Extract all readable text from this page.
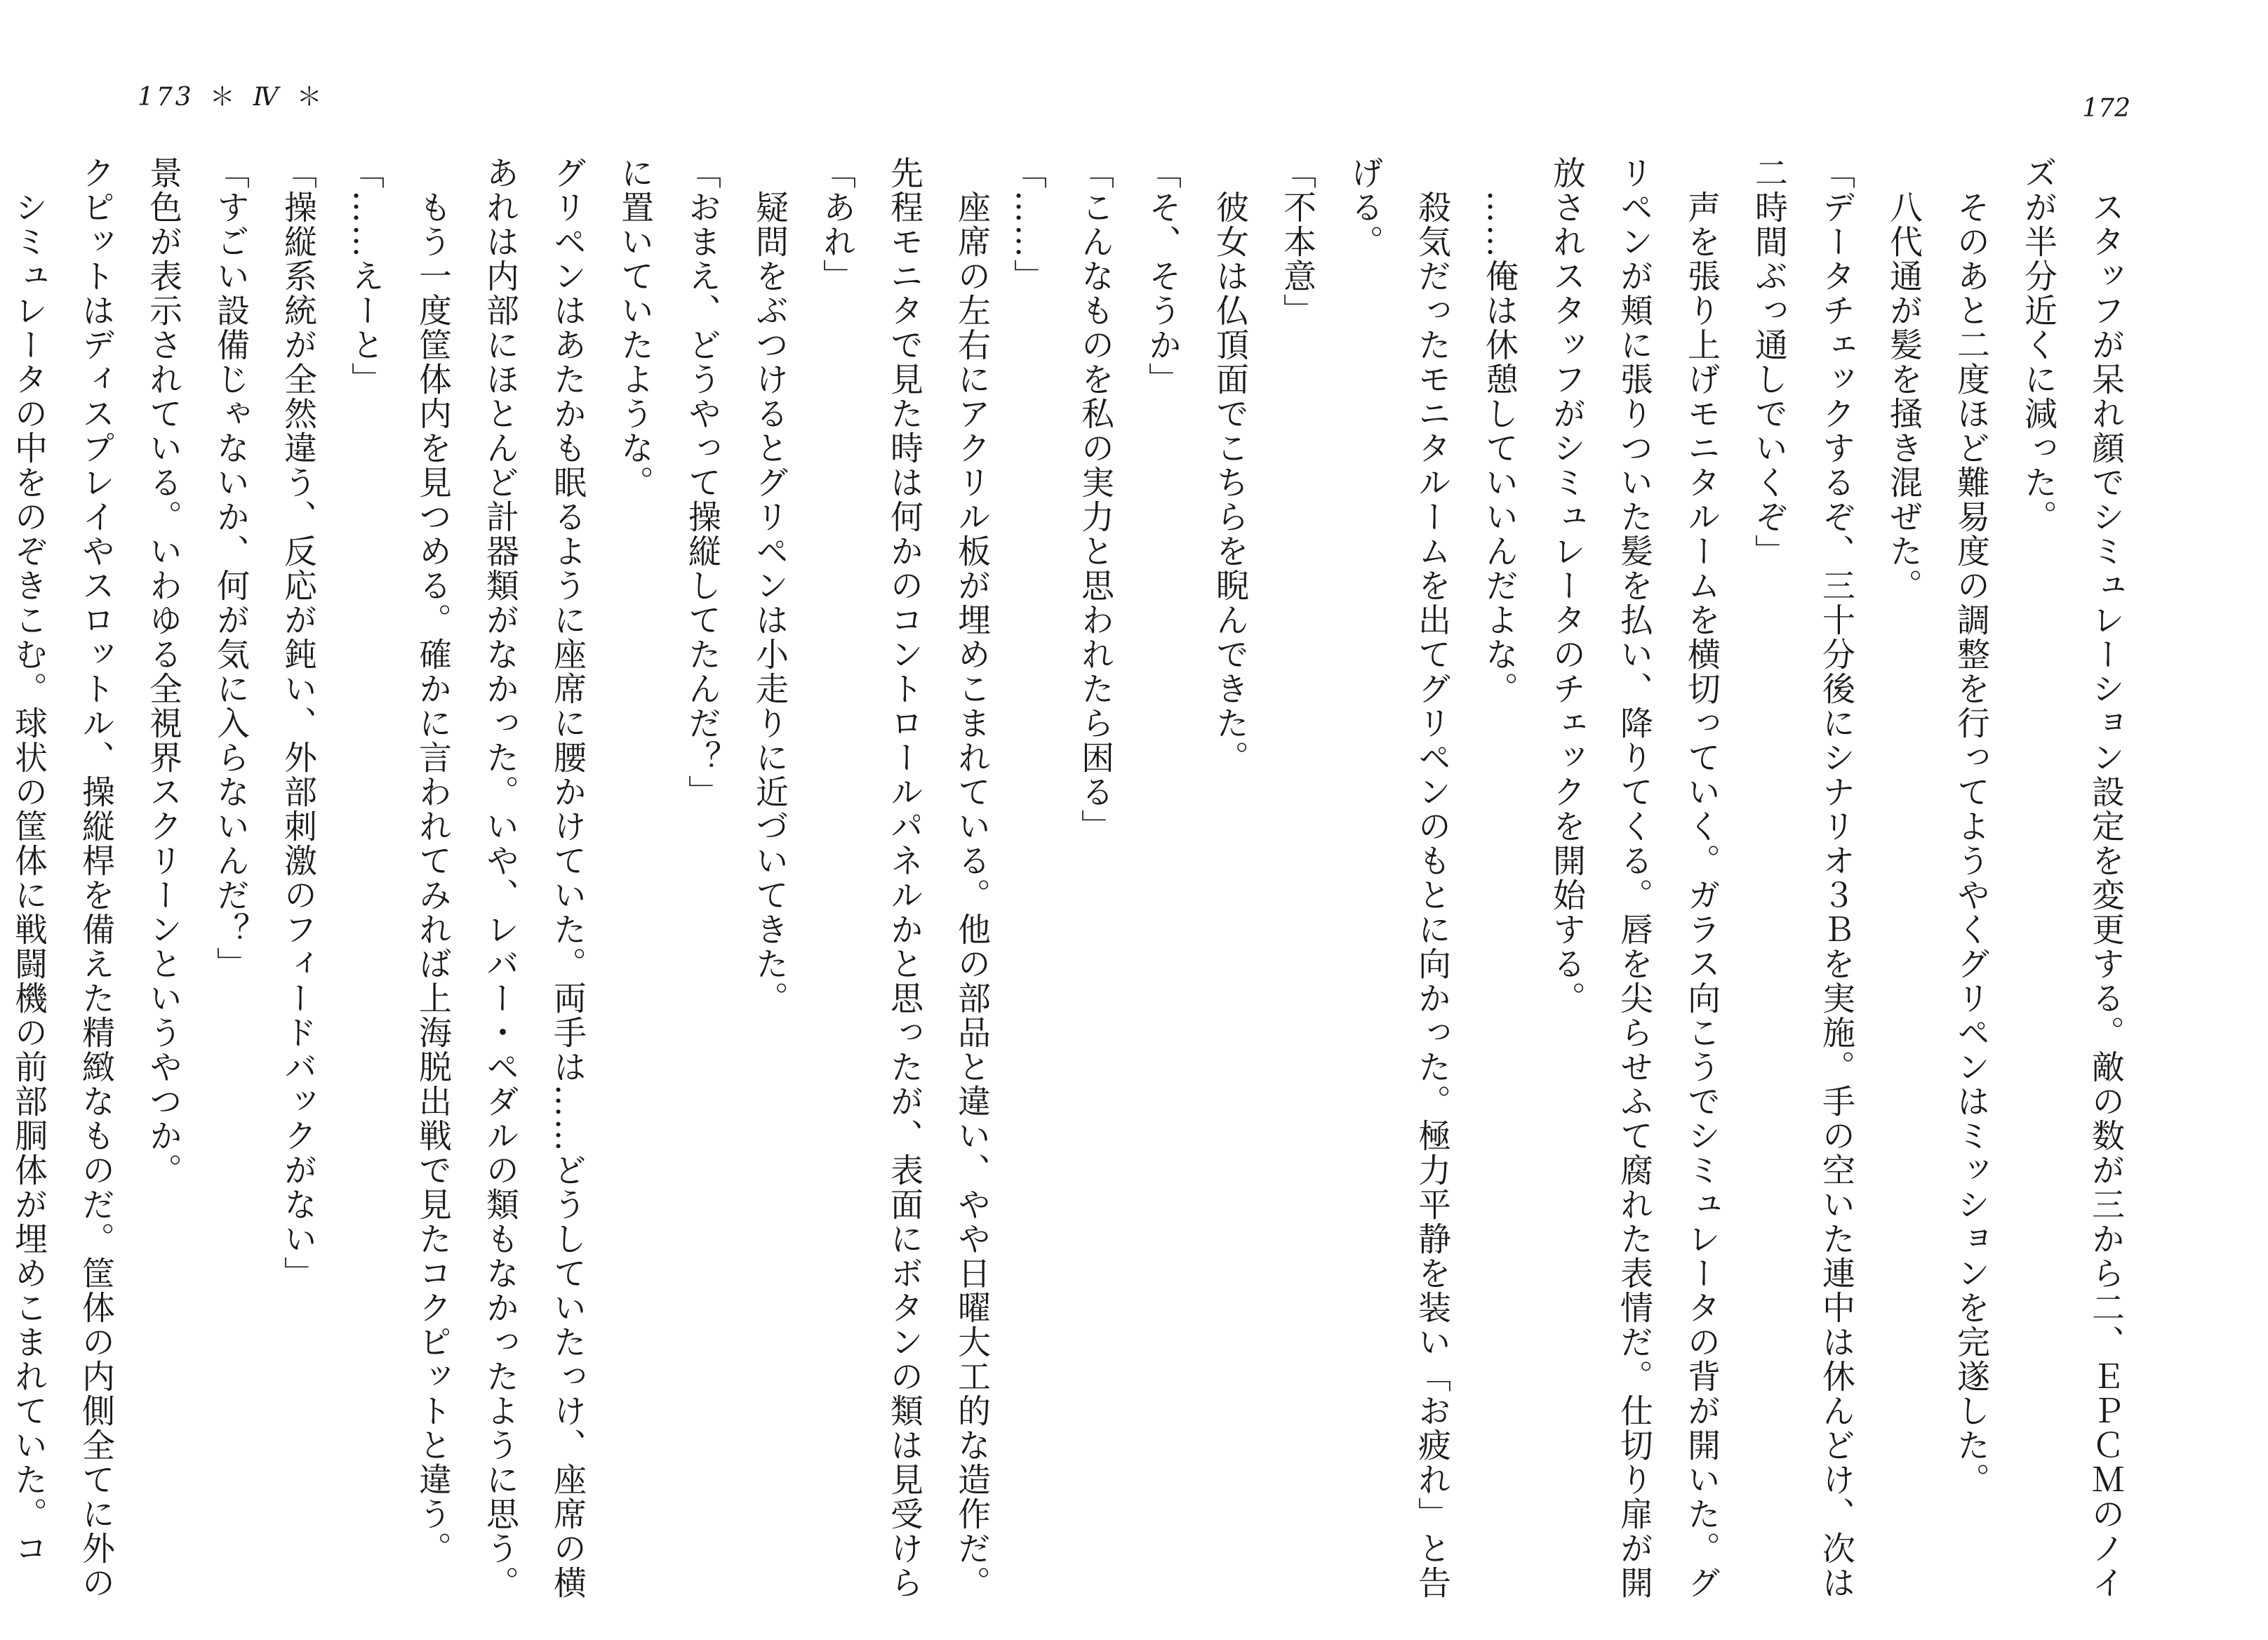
173 ＊ Ⅳ ＊
　座席の左右にアクリル板が埋めこまれている。他の部品と違い、やや日曜大工的な造作だ。
先程モニタで見た時は何かのコントロールパネルかと思ったが、表面にボタンの類は見受けら
「あれ」
　疑問をぶつけるとグリペンは小走りに近づいてきた。
「おまえ、どうやって操縦してたんだ？」
に置いていたような。
グリペンはあたかも眠るように座席に腰かけていた。両手は……どうしていたっけ、座席の横
あれは内部にほとんど計器類がなかった。いや、レバー・ペダルの類もなかったように思う。
　もう一度筐体内を見つめる。確かに言われてみれば上海脱出戦で見たコクピットと違う。
「……えーと」
「操縦系統が全然違う、反応が鈍い、外部刺激のフィードバックがない」
「すごい設備じゃないか、何が気に入らないんだ？」
景色が表示されている。いわゆる全視界スクリーンというやつか。
クピットはディスプレイやスロットル、操縦桿を備えた精緻なものだ。筐体の内側全てに外の
　シミュレータの中をのぞきこむ。球状の筐体に戦闘機の前部胴体が埋めこまれていた。コ
172
　スタッフが呆れ顔でシミュレーション設定を変更する。敵の数が三から二、ＥＰＣＭのノイ
ズが半分近くに減った。
　そのあと二度ほど難易度の調整を行ってようやくグリペンはミッションを完遂した。
　八代通が髪を掻き混ぜた。
「データチェックするぞ、三十分後にシナリオ３Ｂを実施。手の空いた連中は休んどけ、次は
二時間ぶっ通しでいくぞ」
　声を張り上げモニタルームを横切っていく。ガラス向こうでシミュレータの背が開いた。グ
リペンが頬に張りついた髪を払い、降りてくる。唇を尖らせふて腐れた表情だ。仕切り扉が開
放されスタッフがシミュレータのチェックを開始する。
　……俺は休憩していいんだよな。
　殺気だったモニタルームを出てグリペンのもとに向かった。極力平静を装い「お疲れ」と告
げる。
「不本意」
　彼女は仏頂面でこちらを睨んできた。
「そ、そうか」
「こんなものを私の実力と思われたら困る」
「……」
